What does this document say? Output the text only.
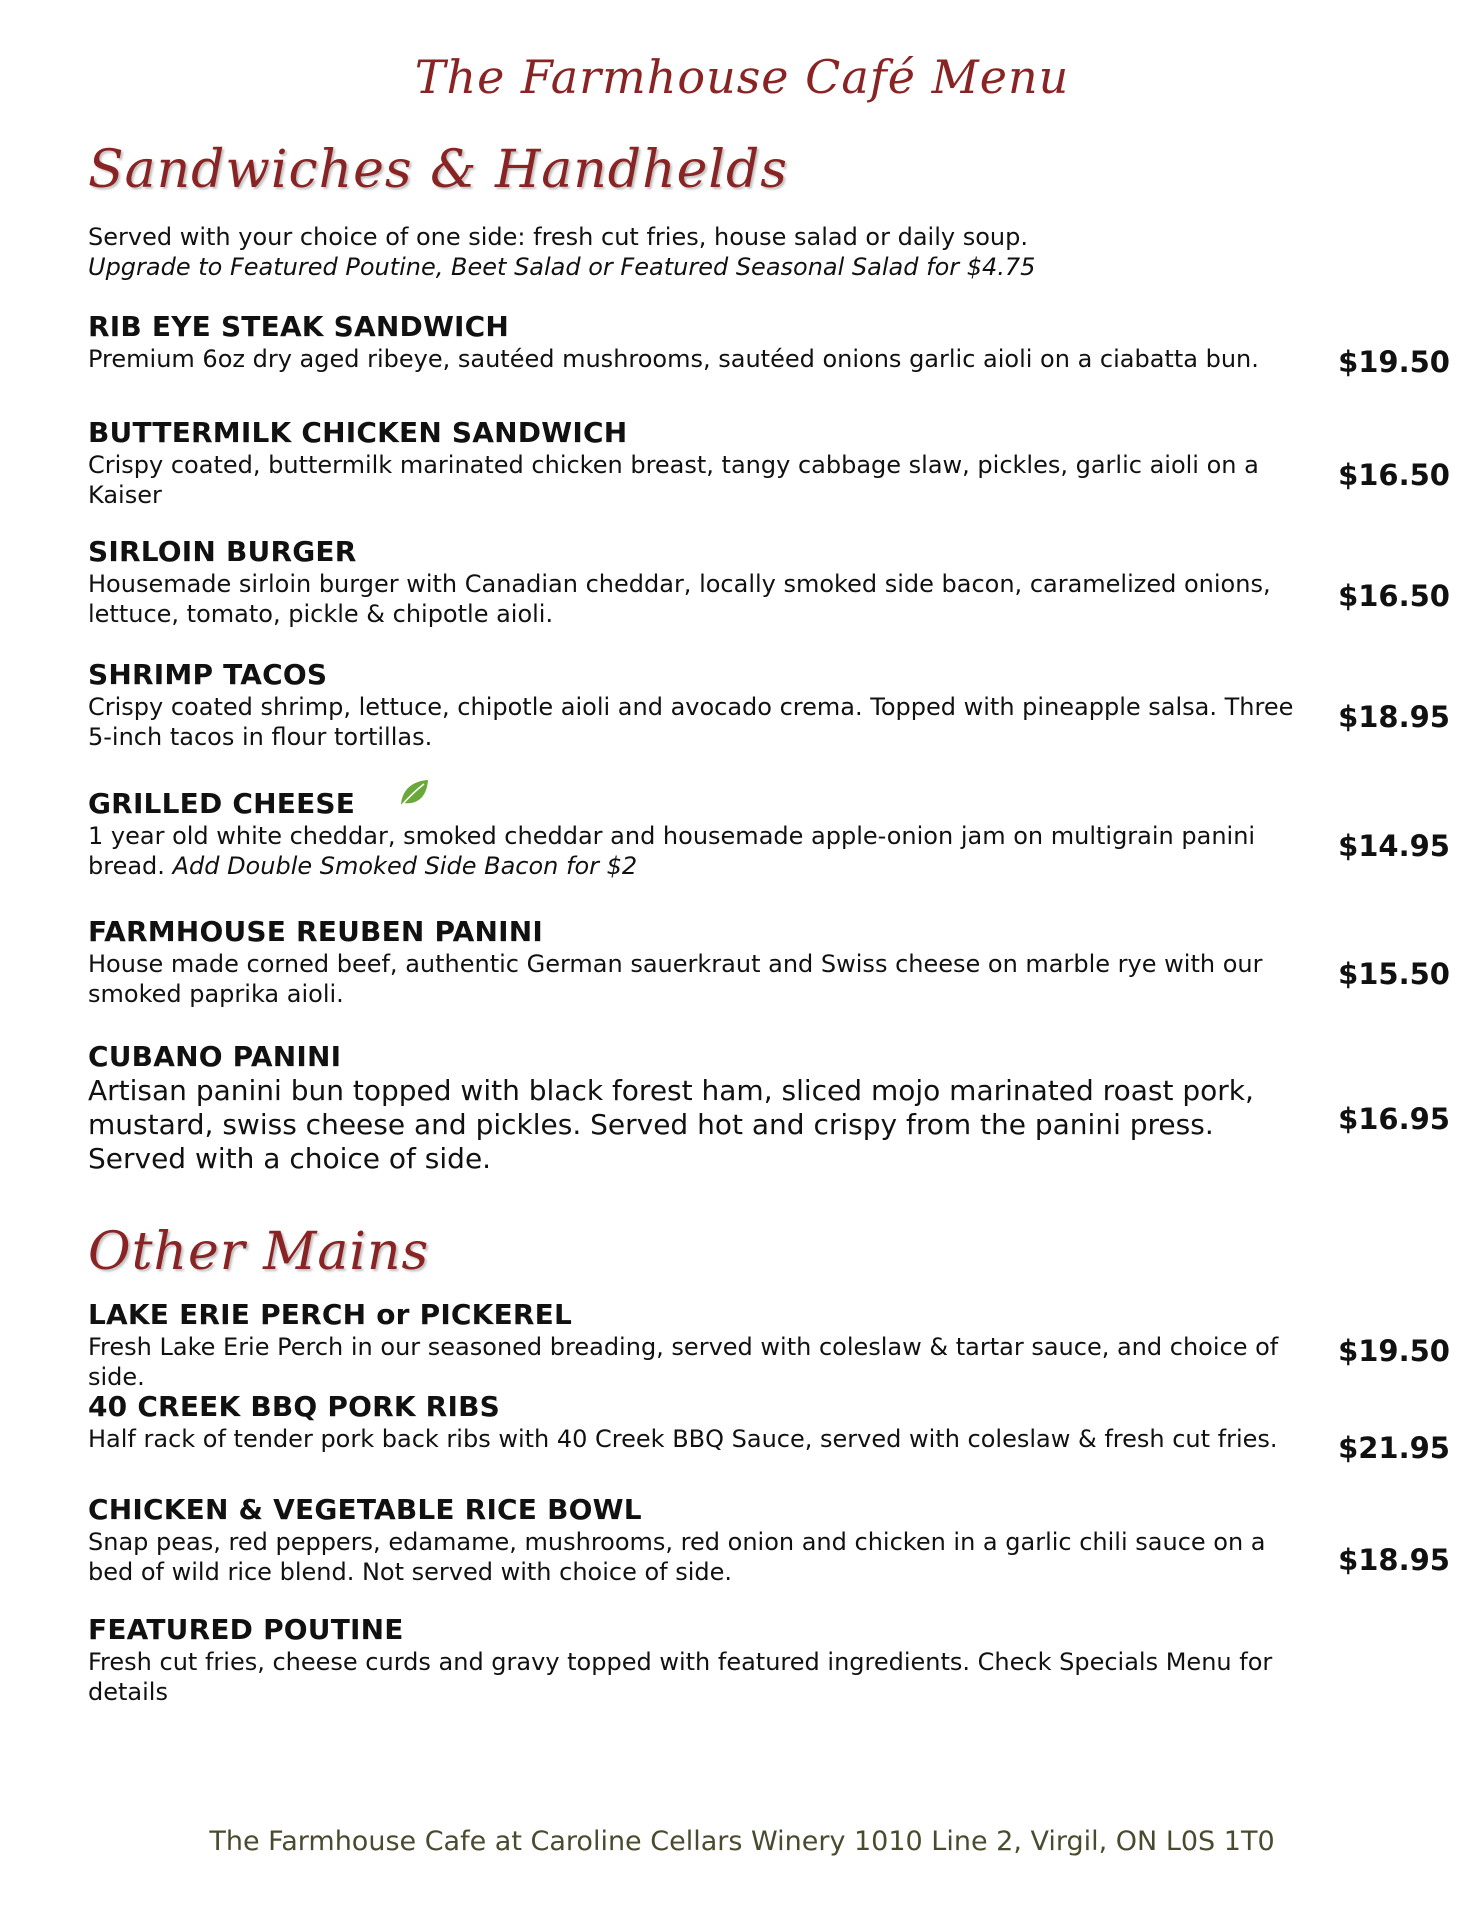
The Farmhouse Café Menu
Sandwiches & Handhelds
Served with your choice of one side: fresh cut fries, house salad or daily soup.
Upgrade to Featured Poutine, Beet Salad or Featured Seasonal Salad for $4.75
RIB EYE STEAK SANDWICH
Premium 6oz dry aged ribeye, sautéed mushrooms, sautéed onions garlic aioli on a ciabatta bun.	$19.50
BUTTERMILK CHICKEN SANDWICH
Crispy coated, buttermilk marinated chicken breast, tangy cabbage slaw, pickles, garlic aioli on a Kaiser
$16.50
SIRLOIN BURGER
Housemade sirloin burger with Canadian cheddar, locally smoked side bacon, caramelized onions, lettuce, tomato, pickle & chipotle aioli.
$16.50
SHRIMP TACOS
Crispy coated shrimp, lettuce, chipotle aioli and avocado crema. Topped with pineapple salsa. Three 5-inch tacos in flour tortillas.
$18.95
GRILLED CHEESE
1 year old white cheddar, smoked cheddar and housemade apple-onion jam on multigrain panini bread. Add Double Smoked Side Bacon for $2
$14.95
FARMHOUSE REUBEN PANINI
House made corned beef, authentic German sauerkraut and Swiss cheese on marble rye with our smoked paprika aioli.
$15.50
CUBANO PANINI
Artisan panini bun topped with black forest ham, sliced mojo marinated roast pork, mustard, swiss cheese and pickles. Served hot and crispy from the panini press. Served with a choice of side.
$16.95
Other Mains
LAKE ERIE PERCH or PICKEREL
Fresh Lake Erie Perch in our seasoned breading, served with coleslaw & tartar sauce, and choice of side.
$19.50
40 CREEK BBQ PORK RIBS
Half rack of tender pork back ribs with 40 Creek BBQ Sauce, served with coleslaw & fresh cut fries.	$21.95
CHICKEN & VEGETABLE RICE BOWL
Snap peas, red peppers, edamame, mushrooms, red onion and chicken in a garlic chili sauce on a bed of wild rice blend. Not served with choice of side.	$18.95
FEATURED POUTINE
Fresh cut fries, cheese curds and gravy topped with featured ingredients. Check Specials Menu for details
The Farmhouse Cafe at Caroline Cellars Winery 1010 Line 2, Virgil, ON L0S 1T0
